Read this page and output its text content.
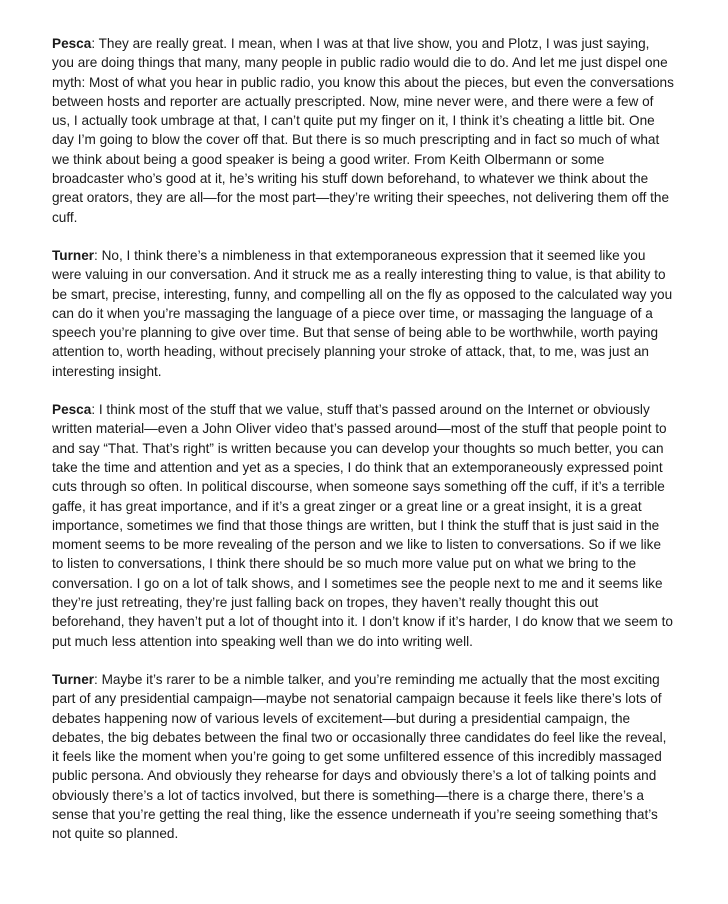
Pesca: They are really great. I mean, when I was at that live show, you and Plotz, I was just saying, you are doing things that many, many people in public radio would die to do. And let me just dispel one myth: Most of what you hear in public radio, you know this about the pieces, but even the conversations between hosts and reporter are actually prescripted. Now, mine never were, and there were a few of us, I actually took umbrage at that, I can’t quite put my finger on it, I think it’s cheating a little bit. One day I’m going to blow the cover off that. But there is so much prescripting and in fact so much of what we think about being a good speaker is being a good writer. From Keith Olbermann or some broadcaster who’s good at it, he’s writing his stuff down beforehand, to whatever we think about the great orators, they are all—for the most part—they’re writing their speeches, not delivering them off the cuff.

Turner: No, I think there’s a nimbleness in that extemporaneous expression that it seemed like you were valuing in our conversation. And it struck me as a really interesting thing to value, is that ability to be smart, precise, interesting, funny, and compelling all on the fly as opposed to the calculated way you can do it when you’re massaging the language of a piece over time, or massaging the language of a speech you’re planning to give over time. But that sense of being able to be worthwhile, worth paying attention to, worth heading, without precisely planning your stroke of attack, that, to me, was just an interesting insight.

Pesca: I think most of the stuff that we value, stuff that’s passed around on the Internet or obviously written material—even a John Oliver video that’s passed around—most of the stuff that people point to and say “That. That’s right” is written because you can develop your thoughts so much better, you can take the time and attention and yet as a species, I do think that an extemporaneously expressed point cuts through so often. In political discourse, when someone says something off the cuff, if it’s a terrible gaffe, it has great importance, and if it’s a great zinger or a great line or a great insight, it is a great importance, sometimes we find that those things are written, but I think the stuff that is just said in the moment seems to be more revealing of the person and we like to listen to conversations. So if we like to listen to conversations, I think there should be so much more value put on what we bring to the conversation. I go on a lot of talk shows, and I sometimes see the people next to me and it seems like they’re just retreating, they’re just falling back on tropes, they haven’t really thought this out beforehand, they haven’t put a lot of thought into it. I don’t know if it’s harder, I do know that we seem to put much less attention into speaking well than we do into writing well.

Turner: Maybe it’s rarer to be a nimble talker, and you’re reminding me actually that the most exciting part of any presidential campaign—maybe not senatorial campaign because it feels like there’s lots of debates happening now of various levels of excitement—but during a presidential campaign, the debates, the big debates between the final two or occasionally three candidates do feel like the reveal, it feels like the moment when you’re going to get some unfiltered essence of this incredibly massaged public persona. And obviously they rehearse for days and obviously there’s a lot of talking points and obviously there’s a lot of tactics involved, but there is something—there is a charge there, there’s a sense that you’re getting the real thing, like the essence underneath if you’re seeing something that’s not quite so planned.
